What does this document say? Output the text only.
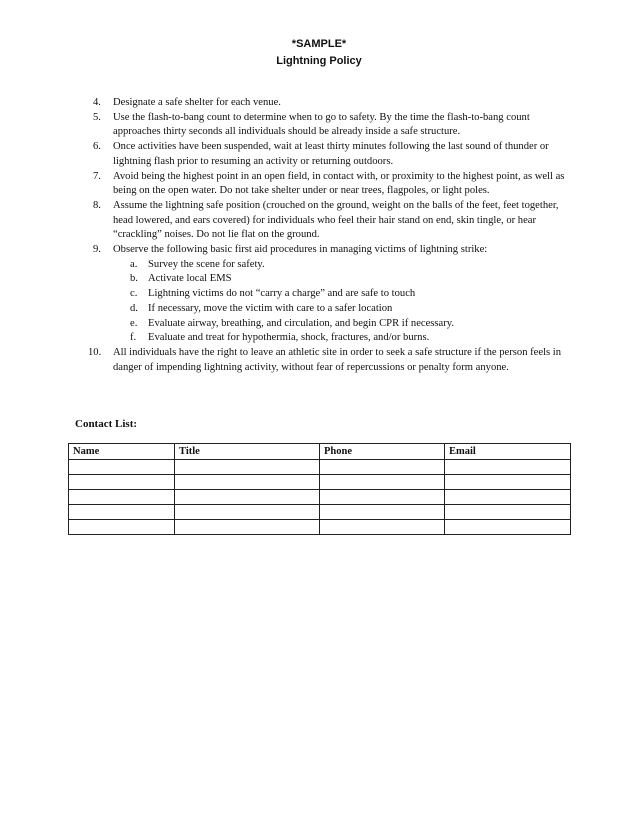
*SAMPLE*
Lightning Policy
4.	Designate a safe shelter for each venue.
5.	Use the flash-to-bang count to determine when to go to safety. By the time the flash-to-bang count approaches thirty seconds all individuals should be already inside a safe structure.
6.	Once activities have been suspended, wait at least thirty minutes following the last sound of thunder or lightning flash prior to resuming an activity or returning outdoors.
7.	Avoid being the highest point in an open field, in contact with, or proximity to the highest point, as well as being on the open water. Do not take shelter under or near trees, flagpoles, or light poles.
8.	Assume the lightning safe position (crouched on the ground, weight on the balls of the feet, feet together, head lowered, and ears covered) for individuals who feel their hair stand on end, skin tingle, or hear “crackling” noises. Do not lie flat on the ground.
9.	Observe the following basic first aid procedures in managing victims of lightning strike:
a. Survey the scene for safety.
b. Activate local EMS
c. Lightning victims do not “carry a charge” and are safe to touch
d. If necessary, move the victim with care to a safer location
e. Evaluate airway, breathing, and circulation, and begin CPR if necessary.
f. Evaluate and treat for hypothermia, shock, fractures, and/or burns.
10.	All individuals have the right to leave an athletic site in order to seek a safe structure if the person feels in danger of impending lightning activity, without fear of repercussions or penalty form anyone.
Contact List:
Name	Title	Phone	Email
